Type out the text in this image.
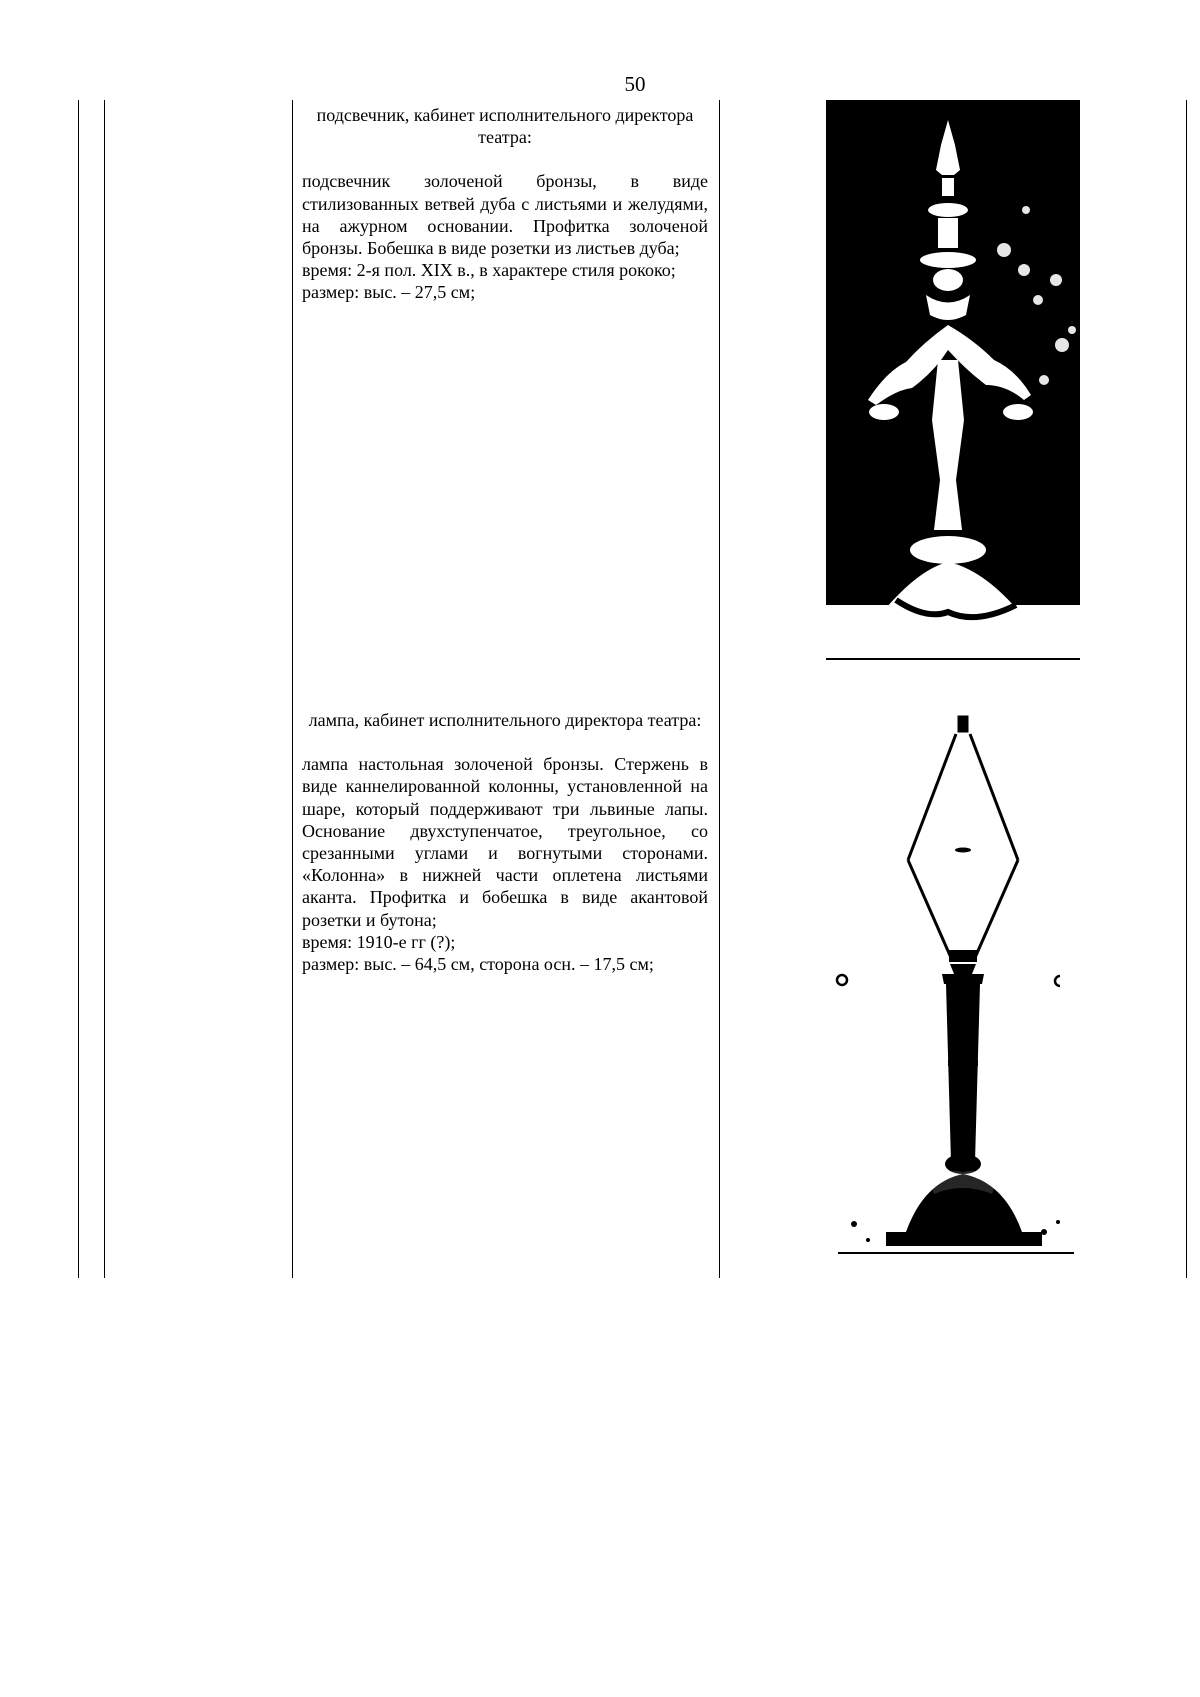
50
подсвечник, кабинет исполнительного директора театра:

подсвечник золоченой бронзы, в виде стилизованных ветвей дуба с листьями и желудями, на ажурном основании. Профитка золоченой бронзы. Бобешка в виде розетки из листьев дуба;

время: 2-я пол. XIX в., в характере стиля рококо;

размер: выс. – 27,5 см;

лампа, кабинет исполнительного директора театра:

лампа настольная золоченой бронзы. Стержень в виде каннелированной колонны, установленной на шаре, который поддерживают три львиные лапы. Основание двухступенчатое, треугольное, со срезанными углами и вогнутыми сторонами. «Колонна» в нижней части оплетена листьями аканта. Профитка и бобешка в виде акантовой розетки и бутона;

время: 1910-е гг (?);

размер: выс. – 64,5 см, сторона осн. – 17,5 см;
